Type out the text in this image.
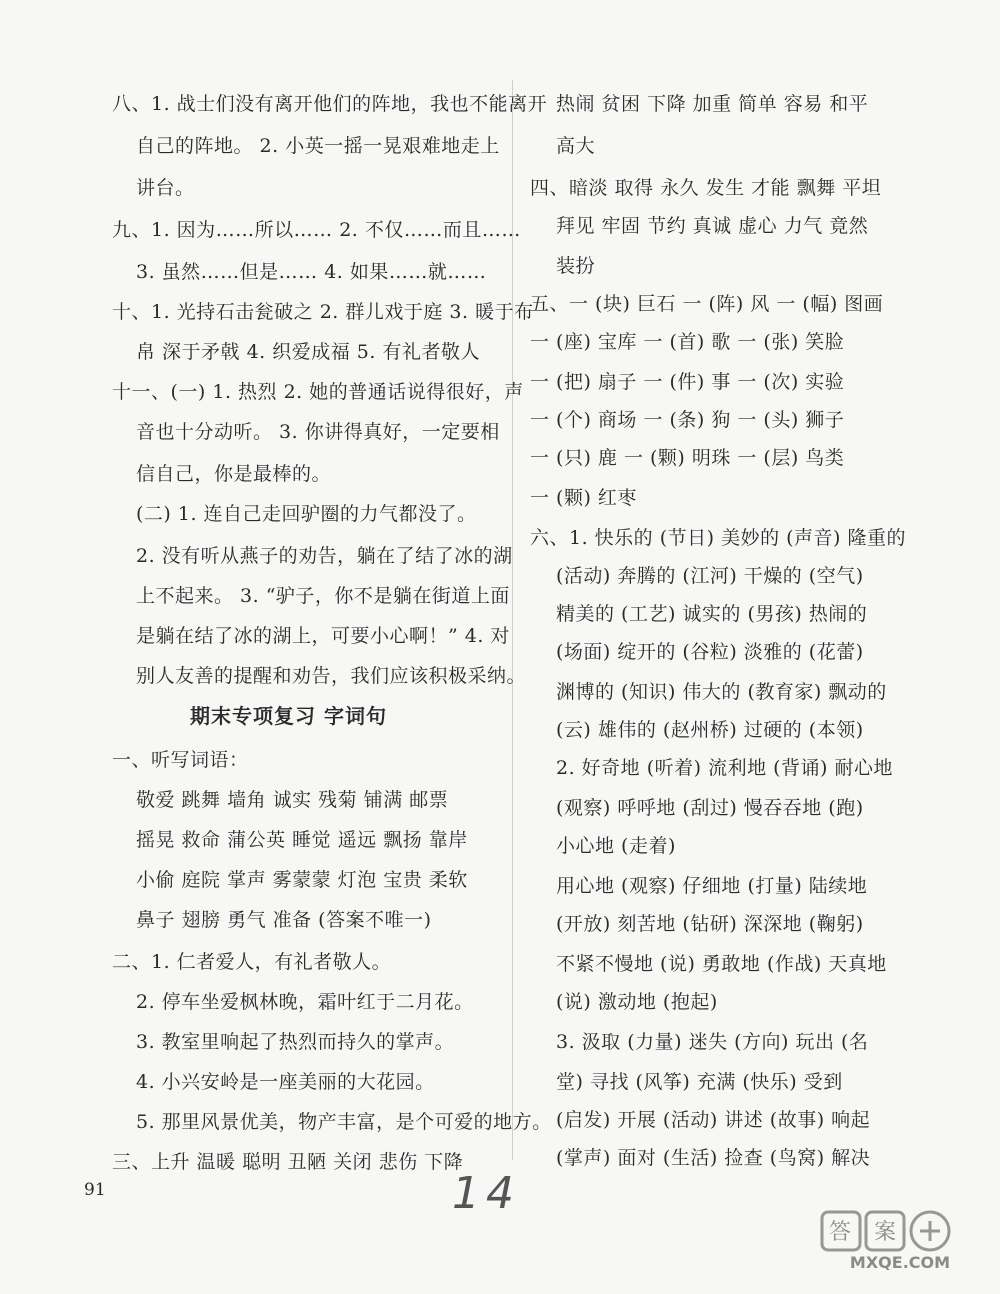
八、1. 战士们没有离开他们的阵地，我也不能离开
自己的阵地。 2. 小英一摇一晃艰难地走上
讲台。
九、1. 因为……所以…… 2. 不仅……而且……
3. 虽然……但是…… 4. 如果……就……
十、1. 光持石击瓮破之 2. 群儿戏于庭 3. 暖于布
帛 深于矛戟 4. 织爱成福 5. 有礼者敬人
十一、(一) 1. 热烈 2. 她的普通话说得很好，声
音也十分动听。 3. 你讲得真好，一定要相
信自己，你是最棒的。
(二) 1. 连自己走回驴圈的力气都没了。
2. 没有听从燕子的劝告，躺在了结了冰的湖
上不起来。 3. “驴子，你不是躺在街道上面
是躺在结了冰的湖上，可要小心啊！” 4. 对
别人友善的提醒和劝告，我们应该积极采纳。
期末专项复习 字词句
一、听写词语：
敬爱 跳舞 墙角 诚实 残菊 铺满 邮票
摇晃 救命 蒲公英 睡觉 遥远 飘扬 靠岸
小偷 庭院 掌声 雾蒙蒙 灯泡 宝贵 柔软
鼻子 翅膀 勇气 准备 (答案不唯一)
二、1. 仁者爱人，有礼者敬人。
2. 停车坐爱枫林晚，霜叶红于二月花。
3. 教室里响起了热烈而持久的掌声。
4. 小兴安岭是一座美丽的大花园。
5. 那里风景优美，物产丰富，是个可爱的地方。
三、上升 温暖 聪明 丑陋 关闭 悲伤 下降
热闹 贫困 下降 加重 简单 容易 和平
高大
四、暗淡 取得 永久 发生 才能 飘舞 平坦
拜见 牢固 节约 真诚 虚心 力气 竟然
装扮
五、一 (块) 巨石 一 (阵) 风 一 (幅) 图画
一 (座) 宝库 一 (首) 歌 一 (张) 笑脸
一 (把) 扇子 一 (件) 事 一 (次) 实验
一 (个) 商场 一 (条) 狗 一 (头) 狮子
一 (只) 鹿 一 (颗) 明珠 一 (层) 鸟类
一 (颗) 红枣
六、1. 快乐的 (节日) 美妙的 (声音) 隆重的
(活动) 奔腾的 (江河) 干燥的 (空气)
精美的 (工艺) 诚实的 (男孩) 热闹的
(场面) 绽开的 (谷粒) 淡雅的 (花蕾)
渊博的 (知识) 伟大的 (教育家) 飘动的
(云) 雄伟的 (赵州桥) 过硬的 (本领)
2. 好奇地 (听着) 流利地 (背诵) 耐心地
(观察) 呼呼地 (刮过) 慢吞吞地 (跑)
小心地 (走着)
用心地 (观察) 仔细地 (打量) 陆续地
(开放) 刻苦地 (钻研) 深深地 (鞠躬)
不紧不慢地 (说) 勇敢地 (作战) 天真地
(说) 激动地 (抱起)
3. 汲取 (力量) 迷失 (方向) 玩出 (名
堂) 寻找 (风筝) 充满 (快乐) 受到
(启发) 开展 (活动) 讲述 (故事) 响起
(掌声) 面对 (生活) 捡查 (鸟窝) 解决
91	14
答 案
MXQE.COM
